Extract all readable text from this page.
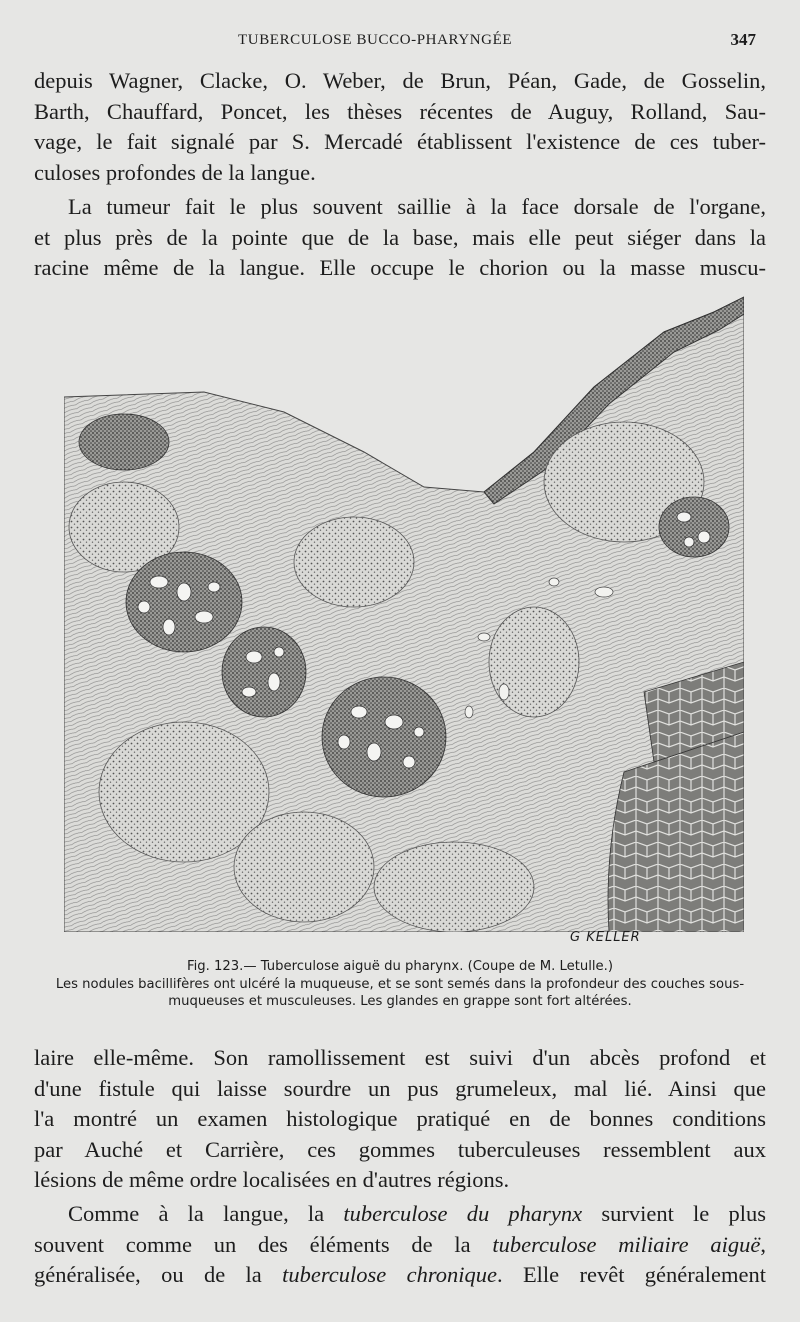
TUBERCULOSE BUCCO-PHARYNGÉE	347

depuis Wagner, Clacke, O. Weber, de Brun, Péan, Gade, de Gosselin,
Barth, Chauffard, Poncet, les thèses récentes de Auguy, Rolland, Sau-
vage, le fait signalé par S. Mercadé établissent l'existence de ces tuber-
culoses profondes de la langue.

La tumeur fait le plus souvent saillie à la face dorsale de l'organe,
et plus près de la pointe que de la base, mais elle peut siéger dans la
racine même de la langue. Elle occupe le chorion ou la masse muscu-

G KELLER
Fig. 123.— Tuberculose aiguë du pharynx. (Coupe de M. Letulle.)
Les nodules bacillifères ont ulcéré la muqueuse, et se sont semés dans la profondeur des couches sous-muqueuses et musculeuses. Les glandes en grappe sont fort altérées.

laire elle-même. Son ramollissement est suivi d'un abcès profond et
d'une fistule qui laisse sourdre un pus grumeleux, mal lié. Ainsi que
l'a montré un examen histologique pratiqué en de bonnes conditions
par Auché et Carrière, ces gommes tuberculeuses ressemblent aux
lésions de même ordre localisées en d'autres régions.

Comme à la langue, la tuberculose du pharynx survient le plus
souvent comme un des éléments de la tuberculose miliaire aiguë,
généralisée, ou de la tuberculose chronique. Elle revêt généralement
